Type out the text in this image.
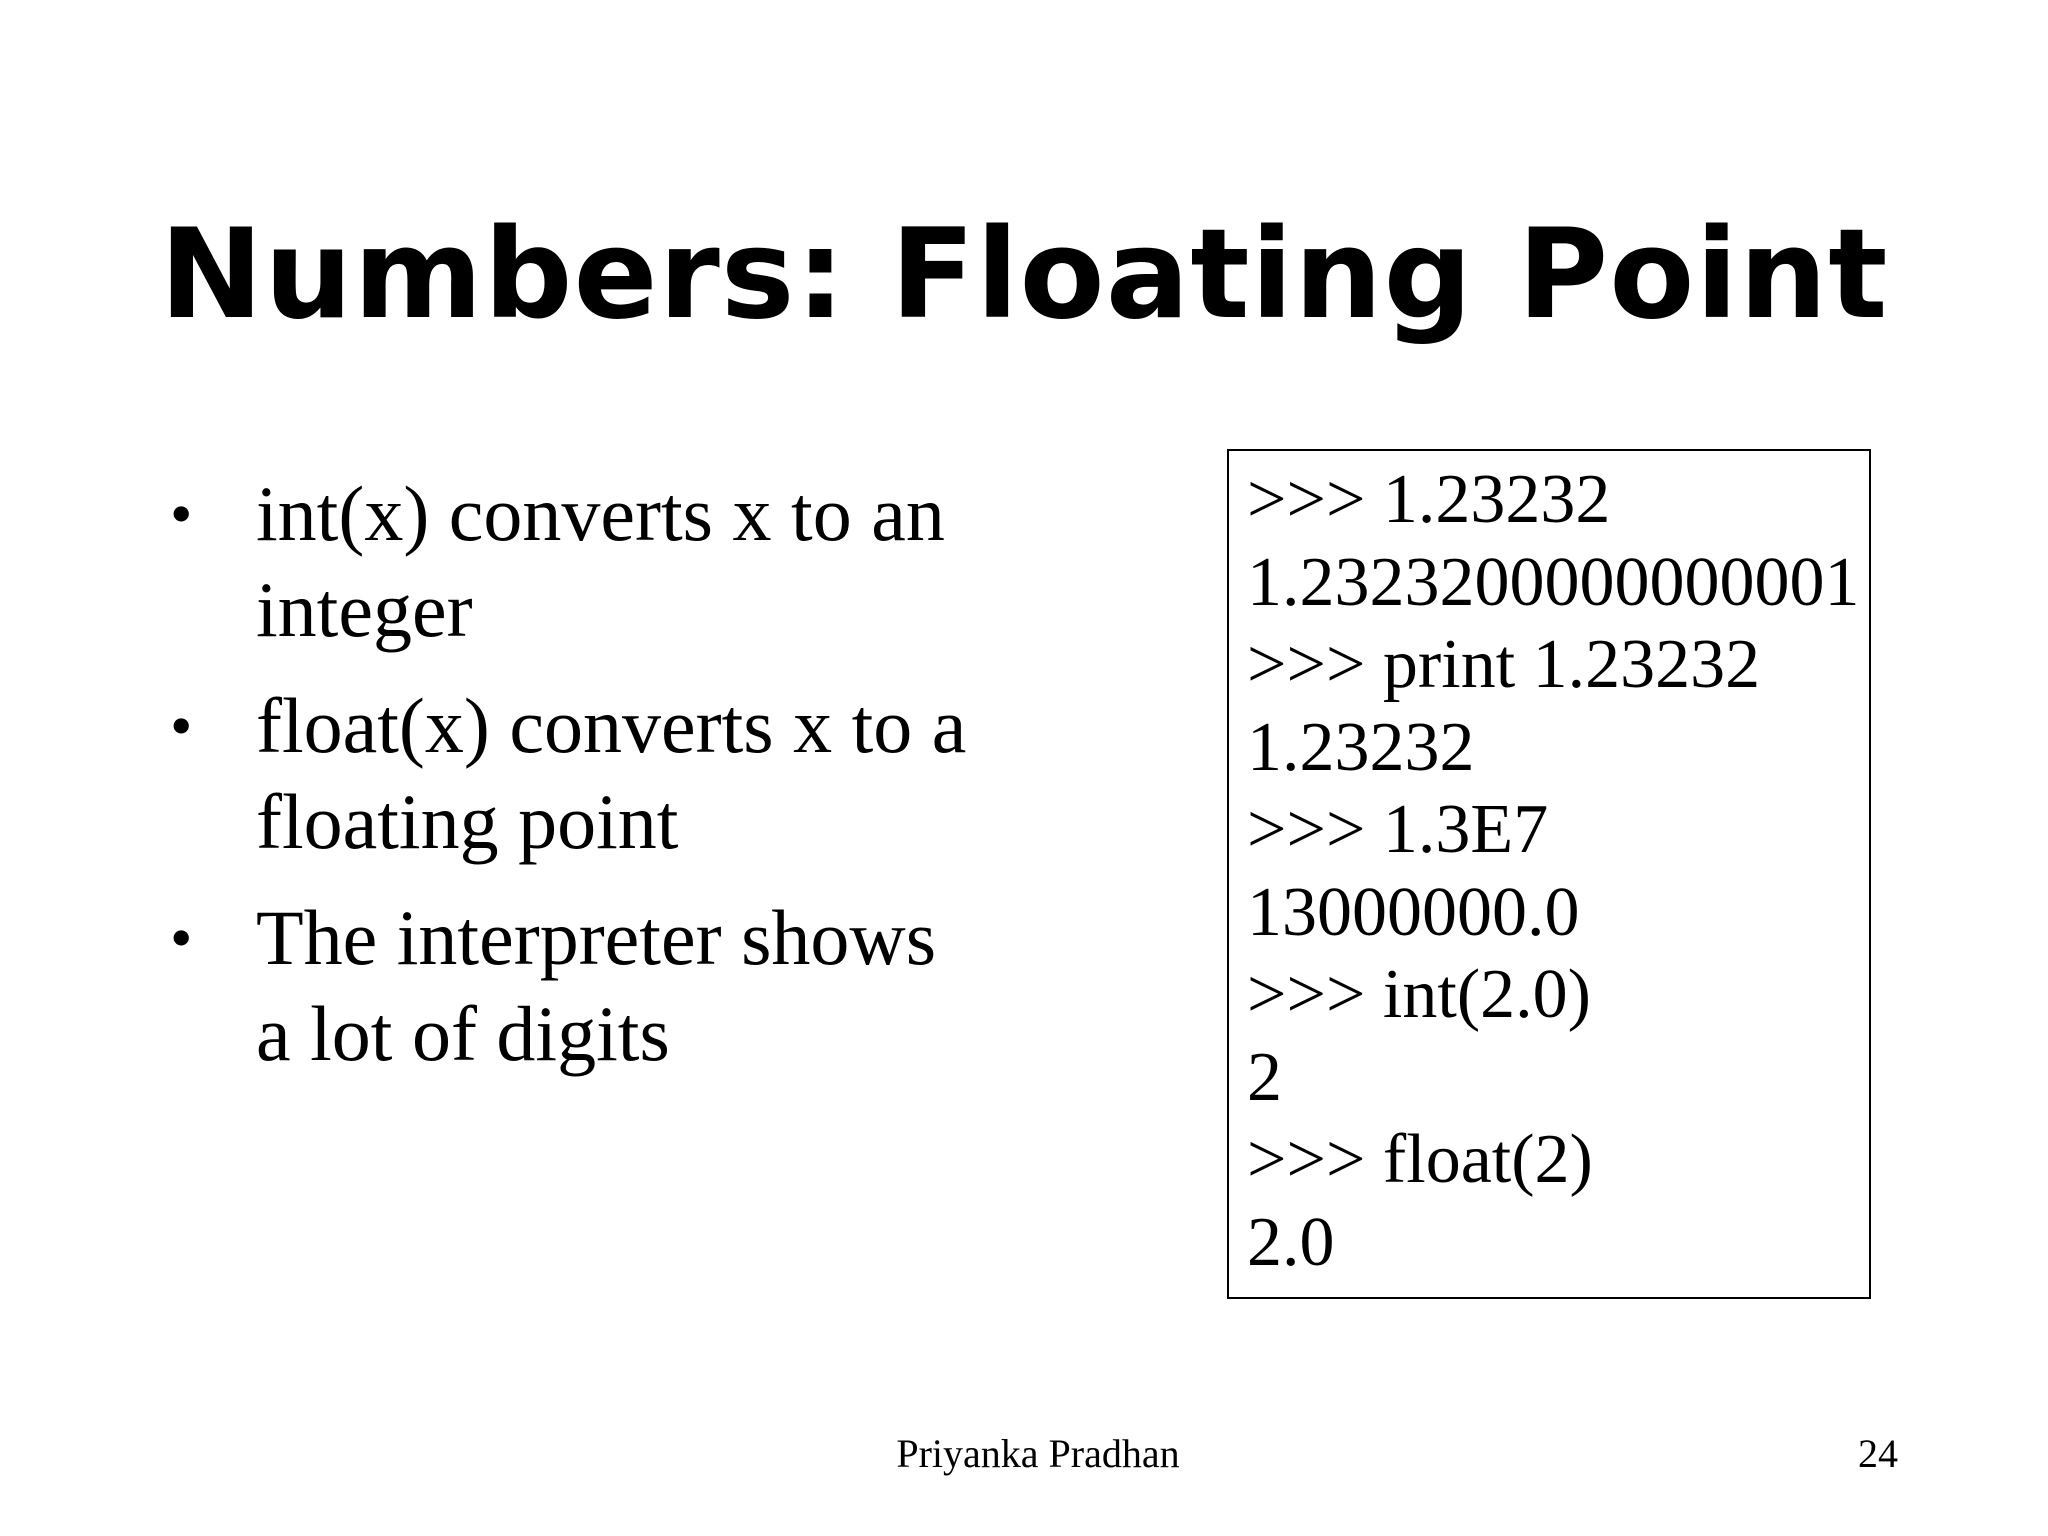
Numbers: Floating Point
• int(x) converts x to an
integer
• float(x) converts x to a
floating point
• The interpreter shows
a lot of digits
>>> 1.23232
1.2323200000000001
>>> print 1.23232
1.23232
>>> 1.3E7
13000000.0
>>> int(2.0)
2
>>> float(2)
2.0
Priyanka Pradhan	24
